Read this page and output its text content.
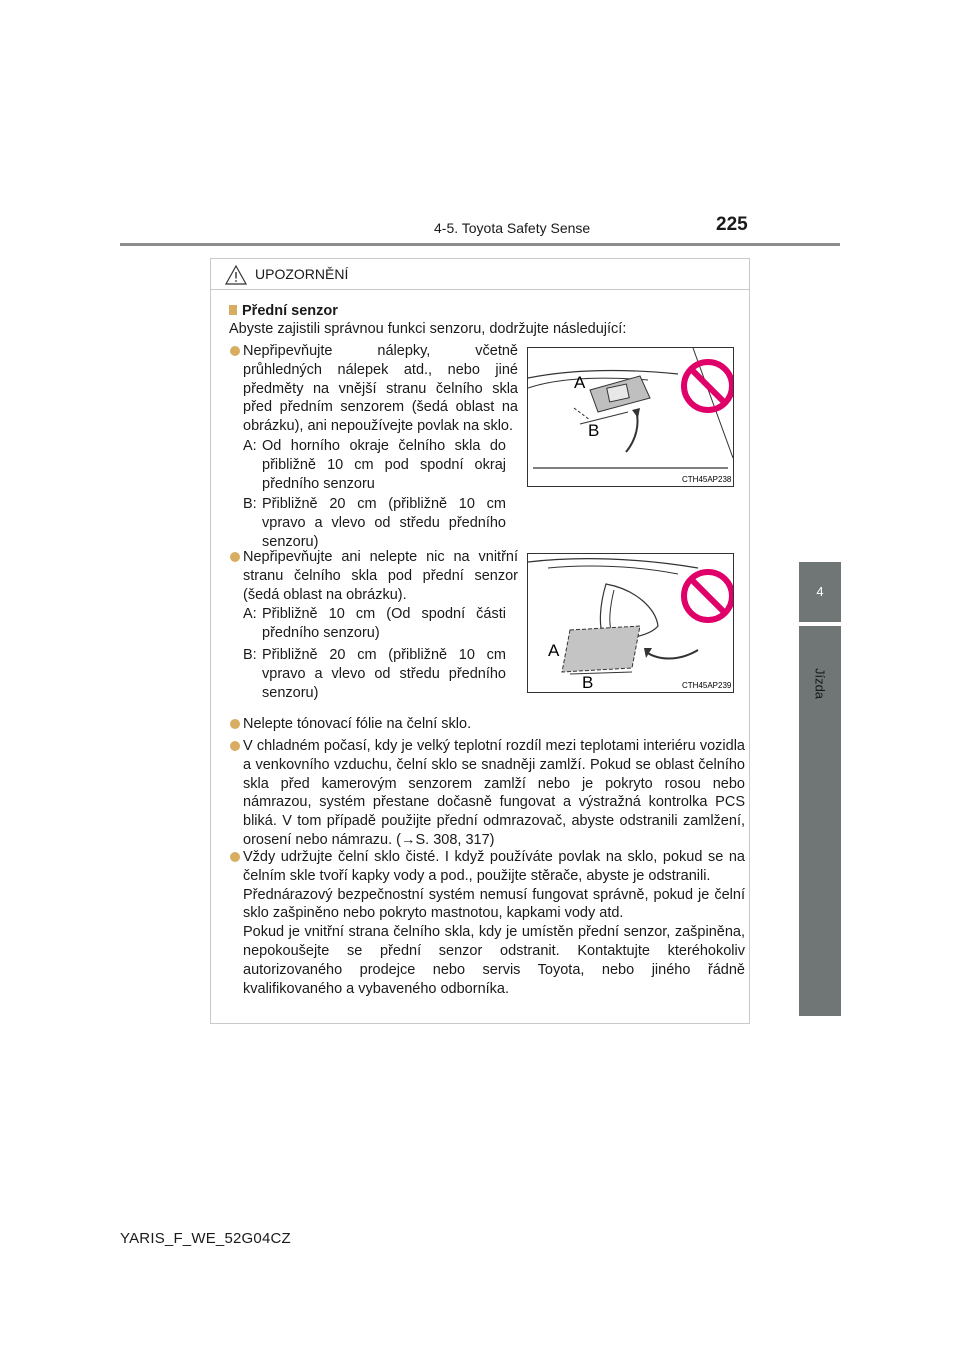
4-5. Toyota Safety Sense	225
4
Jízda
UPOZORNĚNÍ
Přední senzor
Abyste zajistili správnou funkci senzoru, dodržujte následující:
Nepřipevňujte nálepky, včetně průhledných nálepek atd., nebo jiné předměty na vnější stranu čelního skla před předním senzorem (šedá oblast na obrázku), ani nepoužívejte povlak na sklo.
A: Od horního okraje čelního skla do přibližně 10 cm pod spodní okraj předního senzoru
B: Přibližně 20 cm (přibližně 10 cm vpravo a vlevo od středu předního senzoru)
A
B
CTH45AP238
Nepřipevňujte ani nelepte nic na vnitřní stranu čelního skla pod přední senzor (šedá oblast na obrázku).
A: Přibližně 10 cm (Od spodní části předního senzoru)
B: Přibližně 20 cm (přibližně 10 cm vpravo a vlevo od středu předního senzoru)
A
B	CTH45AP239
Nelepte tónovací fólie na čelní sklo.
V chladném počasí, kdy je velký teplotní rozdíl mezi teplotami interiéru vozidla a venkovního vzduchu, čelní sklo se snadněji zamlží. Pokud se oblast čelního skla před kamerovým senzorem zamlží nebo je pokryto rosou nebo námrazou, systém přestane dočasně fungovat a výstražná kontrolka PCS bliká. V tom případě použijte přední odmrazovač, abyste odstranili zamlžení, orosení nebo námrazu. (→S. 308, 317)
Vždy udržujte čelní sklo čisté. I když používáte povlak na sklo, pokud se na čelním skle tvoří kapky vody a pod., použijte stěrače, abyste je odstranili.
Přednárazový bezpečnostní systém nemusí fungovat správně, pokud je čelní sklo zašpiněno nebo pokryto mastnotou, kapkami vody atd.
Pokud je vnitřní strana čelního skla, kdy je umístěn přední senzor, zašpiněna, nepokoušejte se přední senzor odstranit. Kontaktujte kteréhokoliv autorizovaného prodejce nebo servis Toyota, nebo jiného řádně kvalifikovaného a vybaveného odborníka.
YARIS_F_WE_52G04CZ
